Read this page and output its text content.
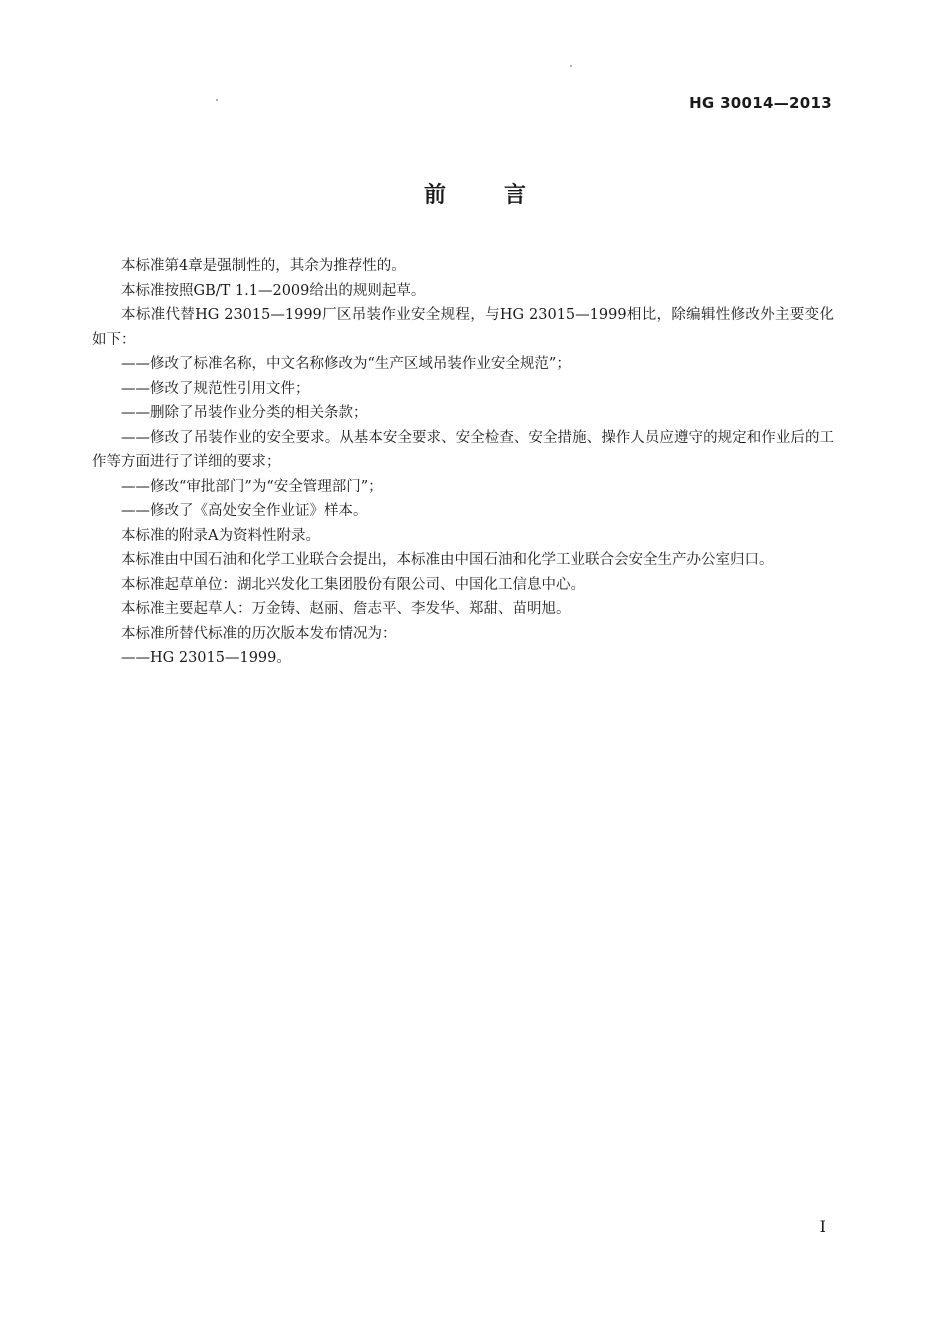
HG 30014—2013
前言

本标准第4章是强制性的，其余为推荐性的。

本标准按照GB/T 1.1—2009给出的规则起草。

本标准代替HG 23015—1999厂区吊装作业安全规程，与HG 23015—1999相比，除编辑性修改外主要变化如下：

——修改了标准名称，中文名称修改为“生产区域吊装作业安全规范”；

——修改了规范性引用文件；

——删除了吊装作业分类的相关条款；

——修改了吊装作业的安全要求。从基本安全要求、安全检查、安全措施、操作人员应遵守的规定和作业后的工作等方面进行了详细的要求；

——修改“审批部门”为“安全管理部门”；

——修改了《高处安全作业证》样本。

本标准的附录A为资料性附录。

本标准由中国石油和化学工业联合会提出，本标准由中国石油和化学工业联合会安全生产办公室归口。

本标准起草单位：湖北兴发化工集团股份有限公司、中国化工信息中心。

本标准主要起草人：万金铸、赵丽、詹志平、李发华、郑甜、苗明旭。

本标准所替代标准的历次版本发布情况为：

——HG 23015—1999。

I
